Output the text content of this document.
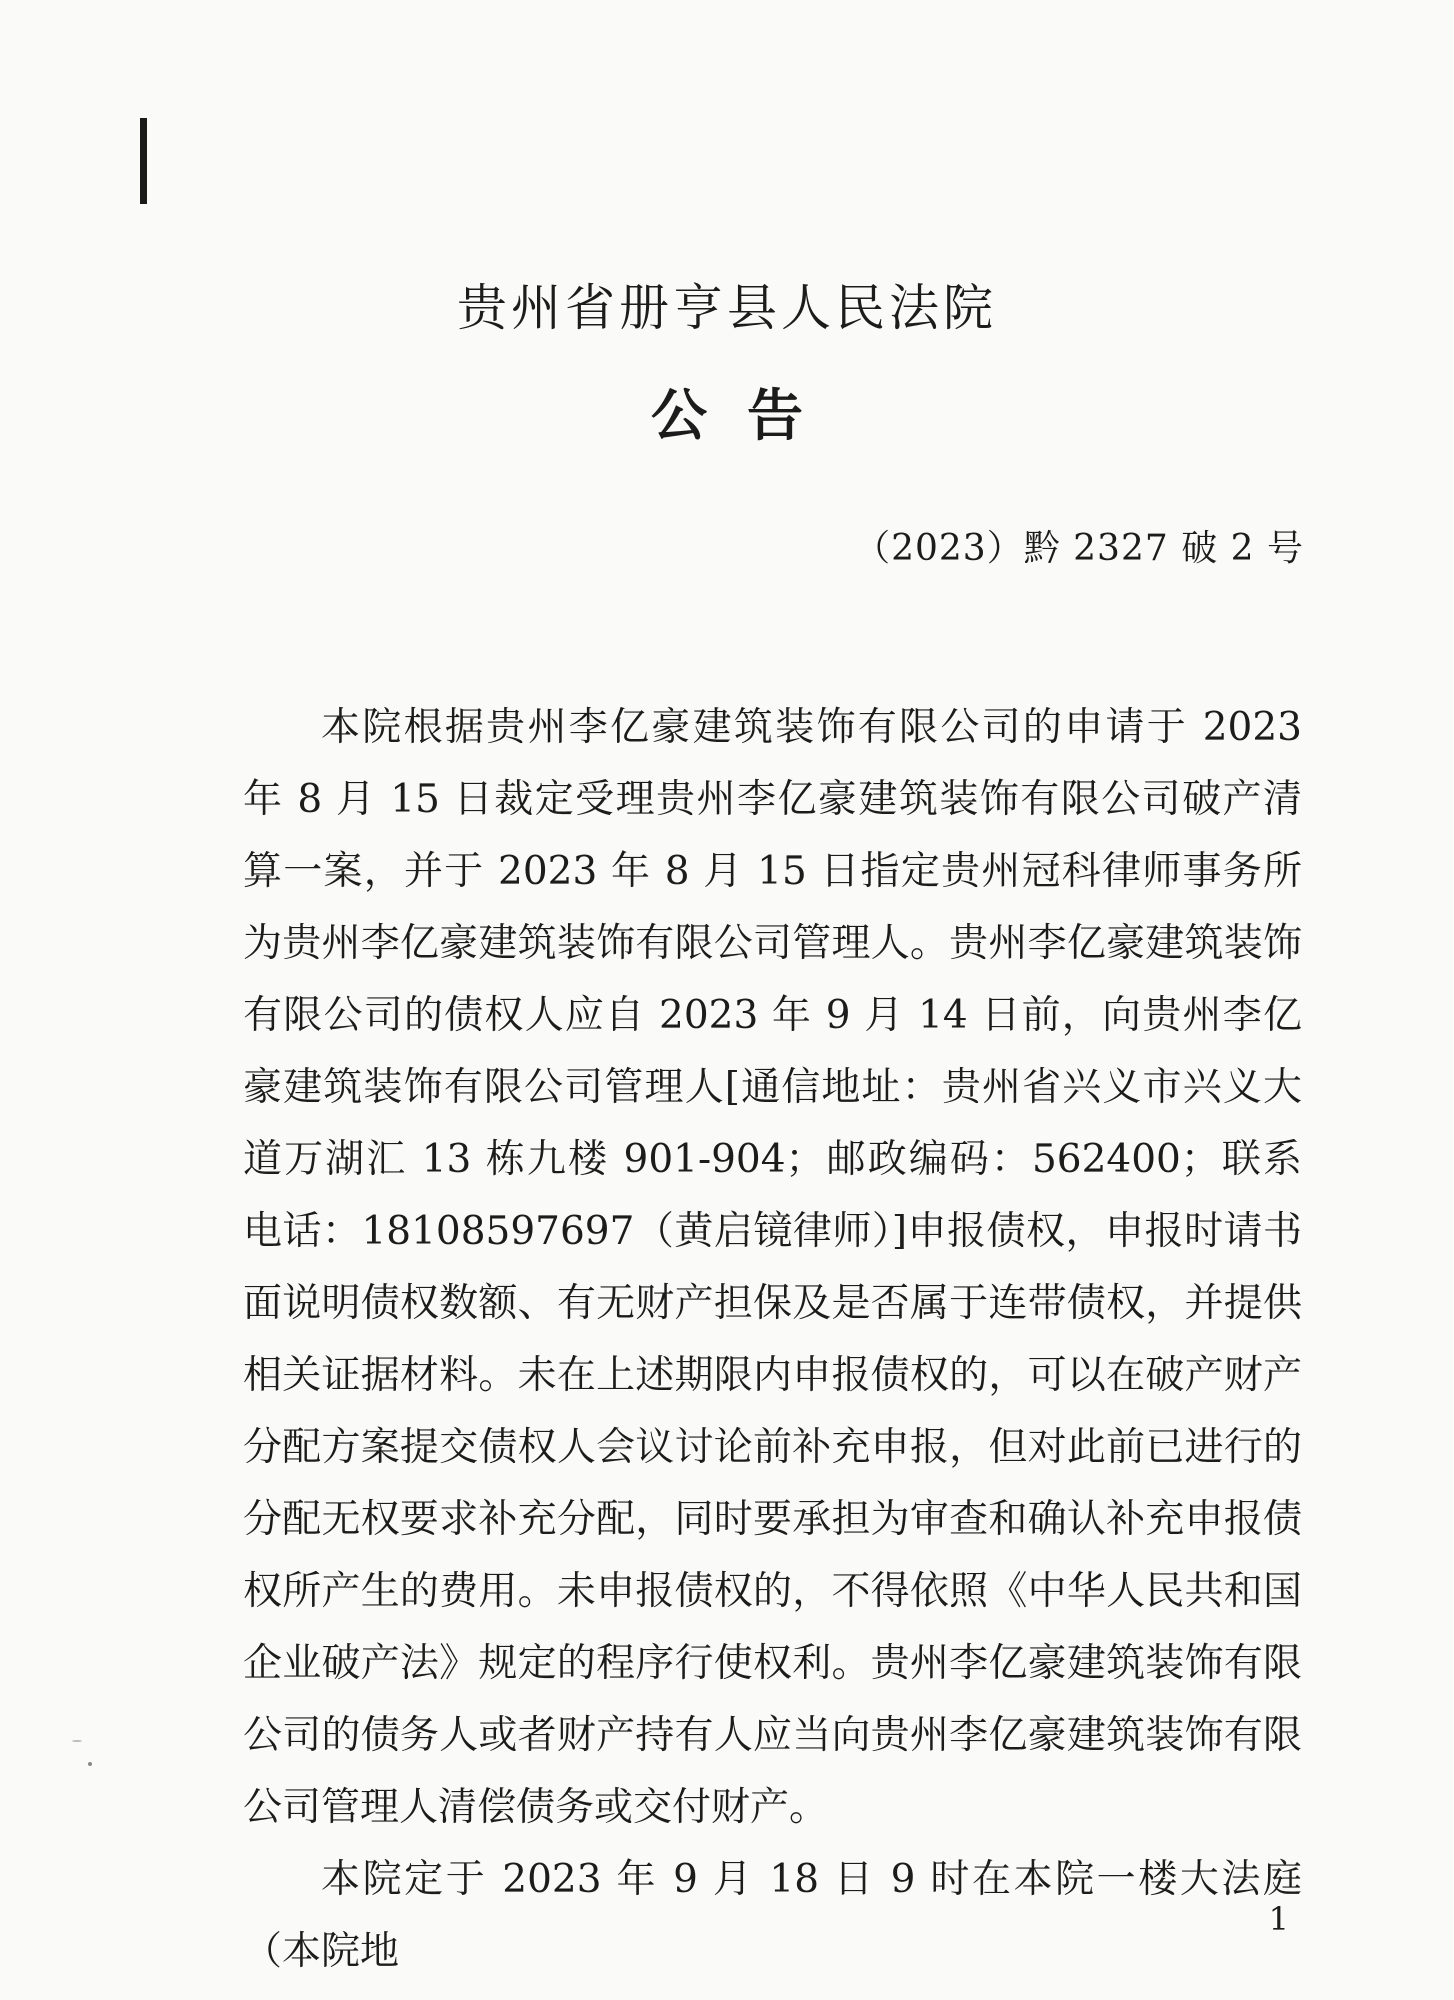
贵州省册亨县人民法院
公告
（2023）黔 2327 破 2 号

本院根据贵州李亿豪建筑装饰有限公司的申请于 2023 年 8 月 15 日裁定受理贵州李亿豪建筑装饰有限公司破产清算一案，并于 2023 年 8 月 15 日指定贵州冠科律师事务所为贵州李亿豪建筑装饰有限公司管理人。贵州李亿豪建筑装饰有限公司的债权人应自 2023 年 9 月 14 日前，向贵州李亿豪建筑装饰有限公司管理人[通信地址：贵州省兴义市兴义大道万湖汇 13 栋九楼 901-904；邮政编码：562400；联系电话：18108597697（黄启镜律师）]申报债权，申报时请书面说明债权数额、有无财产担保及是否属于连带债权，并提供相关证据材料。未在上述期限内申报债权的，可以在破产财产分配方案提交债权人会议讨论前补充申报，但对此前已进行的分配无权要求补充分配，同时要承担为审查和确认补充申报债权所产生的费用。未申报债权的，不得依照《中华人民共和国企业破产法》规定的程序行使权利。贵州李亿豪建筑装饰有限公司的债务人或者财产持有人应当向贵州李亿豪建筑装饰有限公司管理人清偿债务或交付财产。

本院定于 2023 年 9 月 18 日 9 时在本院一楼大法庭（本院地

1
